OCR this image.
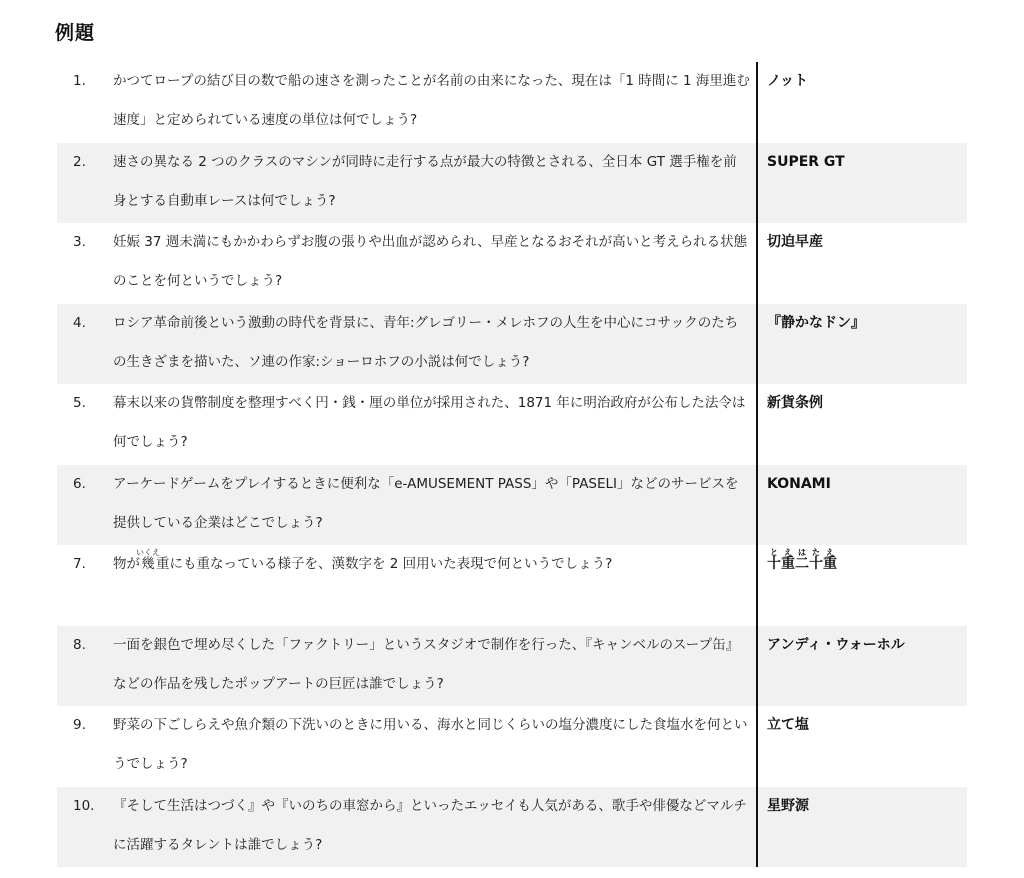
例題
1.	かつてロープの結び目の数で船の速さを測ったことが名前の由来になった、現在は「1 時間に 1 海里進む速度」と定められている速度の単位は何でしょう?	ノット

2.	速さの異なる 2 つのクラスのマシンが同時に走行する点が最大の特徴とされる、全日本 GT 選手権を前身とする自動車レースは何でしょう?	SUPER GT

3.	妊娠 37 週未満にもかかわらずお腹の張りや出血が認められ、早産となるおそれが高いと考えられる状態のことを何というでしょう?	切迫早産

4.	ロシア革命前後という激動の時代を背景に、青年:グレゴリー・メレホフの人生を中心にコサックのたちの生きざまを描いた、ソ連の作家:ショーロホフの小説は何でしょう?	『静かなドン』

5.	幕末以来の貨幣制度を整理すべく円・銭・厘の単位が採用された、1871 年に明治政府が公布した法令は何でしょう?	新貨条例

6.	アーケードゲームをプレイするときに便利な「e-AMUSEMENT PASS」や「PASELI」などのサービスを提供している企業はどこでしょう?	KONAMI

7.	物が幾いくえ重にも重なっている様子を、漢数字を 2 回用いた表現で何というでしょう?	十と重え二は十た重え

8.	一面を銀色で埋め尽くした「ファクトリー」というスタジオで制作を行った、『キャンベルのスープ缶』などの作品を残したポップアートの巨匠は誰でしょう?	アンディ・ウォーホル

9.	野菜の下ごしらえや魚介類の下洗いのときに用いる、海水と同じくらいの塩分濃度にした食塩水を何というでしょう?	立て塩

10.	『そして生活はつづく』や『いのちの車窓から』といったエッセイも人気がある、歌手や俳優などマルチに活躍するタレントは誰でしょう?	星野源
